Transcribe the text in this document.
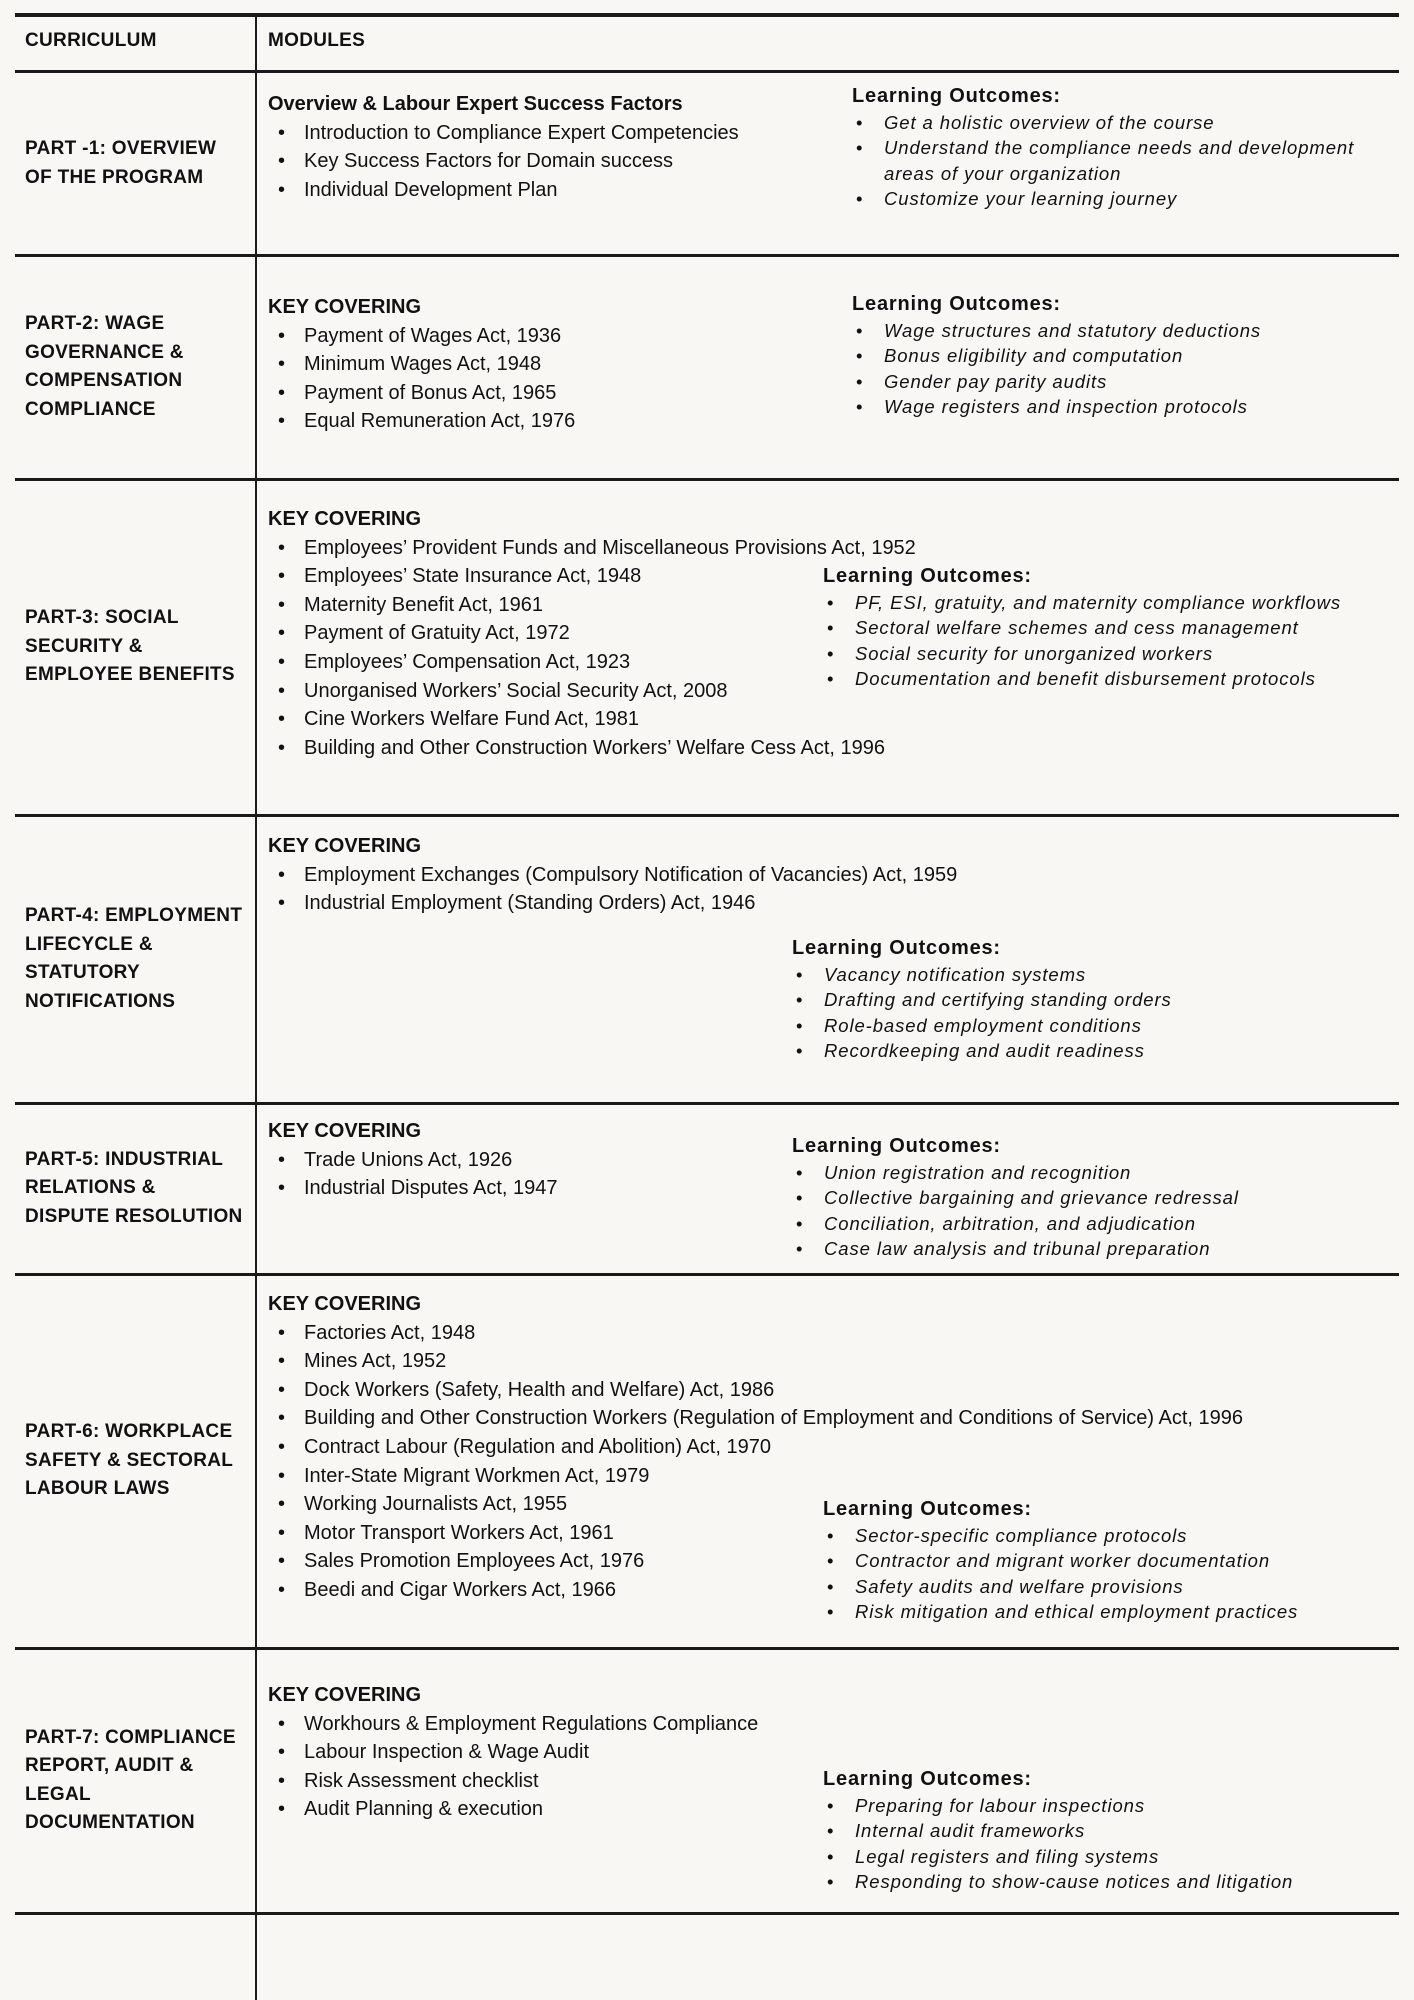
CURRICULUM	MODULES
PART -1: OVERVIEW OF THE PROGRAM
Overview & Labour Expert Success Factors
• Introduction to Compliance Expert Competencies
• Key Success Factors for Domain success
• Individual Development Plan
Learning Outcomes:
• Get a holistic overview of the course
• Understand the compliance needs and development areas of your organization
• Customize your learning journey
PART-2: WAGE GOVERNANCE & COMPENSATION COMPLIANCE
KEY COVERING
• Payment of Wages Act, 1936
• Minimum Wages Act, 1948
• Payment of Bonus Act, 1965
• Equal Remuneration Act, 1976
Learning Outcomes:
• Wage structures and statutory deductions
• Bonus eligibility and computation
• Gender pay parity audits
• Wage registers and inspection protocols
PART-3: SOCIAL SECURITY & EMPLOYEE BENEFITS
KEY COVERING
• Employees’ Provident Funds and Miscellaneous Provisions Act, 1952
• Employees’ State Insurance Act, 1948
• Maternity Benefit Act, 1961
• Payment of Gratuity Act, 1972
• Employees’ Compensation Act, 1923
• Unorganised Workers’ Social Security Act, 2008
• Cine Workers Welfare Fund Act, 1981
• Building and Other Construction Workers’ Welfare Cess Act, 1996
Learning Outcomes:
• PF, ESI, gratuity, and maternity compliance workflows
• Sectoral welfare schemes and cess management
• Social security for unorganized workers
• Documentation and benefit disbursement protocols
PART-4: EMPLOYMENT LIFECYCLE & STATUTORY NOTIFICATIONS
KEY COVERING
• Employment Exchanges (Compulsory Notification of Vacancies) Act, 1959
• Industrial Employment (Standing Orders) Act, 1946
Learning Outcomes:
• Vacancy notification systems
• Drafting and certifying standing orders
• Role-based employment conditions
• Recordkeeping and audit readiness
PART-5: INDUSTRIAL RELATIONS & DISPUTE RESOLUTION
KEY COVERING
• Trade Unions Act, 1926
• Industrial Disputes Act, 1947
Learning Outcomes:
• Union registration and recognition
• Collective bargaining and grievance redressal
• Conciliation, arbitration, and adjudication
• Case law analysis and tribunal preparation
PART-6: WORKPLACE SAFETY & SECTORAL LABOUR LAWS
KEY COVERING
• Factories Act, 1948
• Mines Act, 1952
• Dock Workers (Safety, Health and Welfare) Act, 1986
• Building and Other Construction Workers (Regulation of Employment and Conditions of Service) Act, 1996
• Contract Labour (Regulation and Abolition) Act, 1970
• Inter-State Migrant Workmen Act, 1979
• Working Journalists Act, 1955
• Motor Transport Workers Act, 1961
• Sales Promotion Employees Act, 1976
• Beedi and Cigar Workers Act, 1966
Learning Outcomes:
• Sector-specific compliance protocols
• Contractor and migrant worker documentation
• Safety audits and welfare provisions
• Risk mitigation and ethical employment practices
PART-7: COMPLIANCE REPORT, AUDIT & LEGAL DOCUMENTATION
KEY COVERING
• Workhours & Employment Regulations Compliance
• Labour Inspection & Wage Audit
• Risk Assessment checklist
• Audit Planning & execution
Learning Outcomes:
• Preparing for labour inspections
• Internal audit frameworks
• Legal registers and filing systems
• Responding to show-cause notices and litigation
